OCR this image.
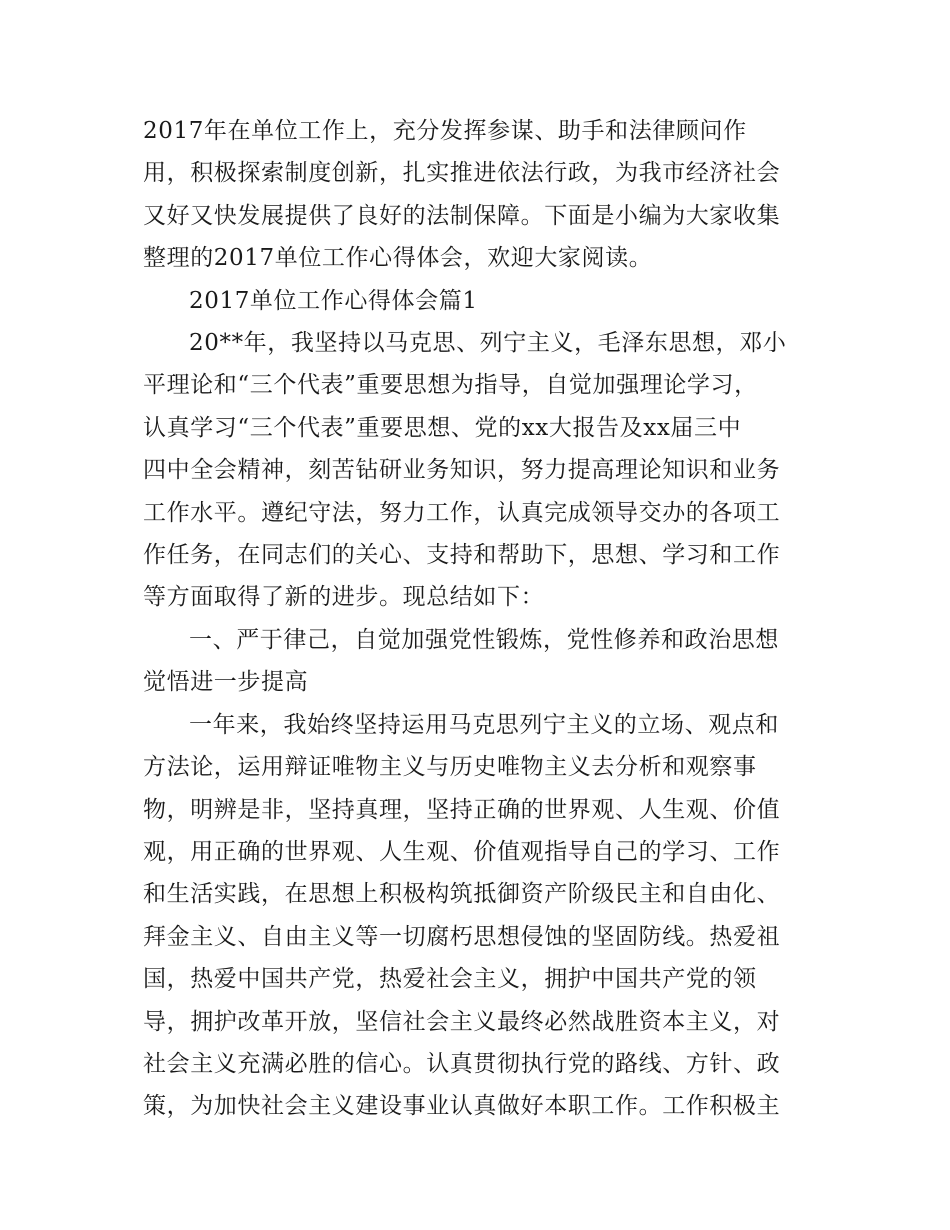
2017年在单位工作上，充分发挥参谋、助手和法律顾问作
用，积极探索制度创新，扎实推进依法行政，为我市经济社会
又好又快发展提供了良好的法制保障。下面是小编为大家收集
整理的2017单位工作心得体会，欢迎大家阅读。

2017单位工作心得体会篇1

20**年，我坚持以马克思、列宁主义，毛泽东思想，邓小
平理论和“三个代表”重要思想为指导，自觉加强理论学习，
认真学习“三个代表”重要思想、党的xx大报告及xx届三中
四中全会精神，刻苦钻研业务知识，努力提高理论知识和业务
工作水平。遵纪守法，努力工作，认真完成领导交办的各项工
作任务，在同志们的关心、支持和帮助下，思想、学习和工作
等方面取得了新的进步。现总结如下：

一、严于律己，自觉加强党性锻炼，党性修养和政治思想
觉悟进一步提高

一年来，我始终坚持运用马克思列宁主义的立场、观点和
方法论，运用辩证唯物主义与历史唯物主义去分析和观察事
物，明辨是非，坚持真理，坚持正确的世界观、人生观、价值
观，用正确的世界观、人生观、价值观指导自己的学习、工作
和生活实践，在思想上积极构筑抵御资产阶级民主和自由化、
拜金主义、自由主义等一切腐朽思想侵蚀的坚固防线。热爱祖
国，热爱中国共产党，热爱社会主义，拥护中国共产党的领
导，拥护改革开放，坚信社会主义最终必然战胜资本主义，对
社会主义充满必胜的信心。认真贯彻执行党的路线、方针、政
策，为加快社会主义建设事业认真做好本职工作。工作积极主
